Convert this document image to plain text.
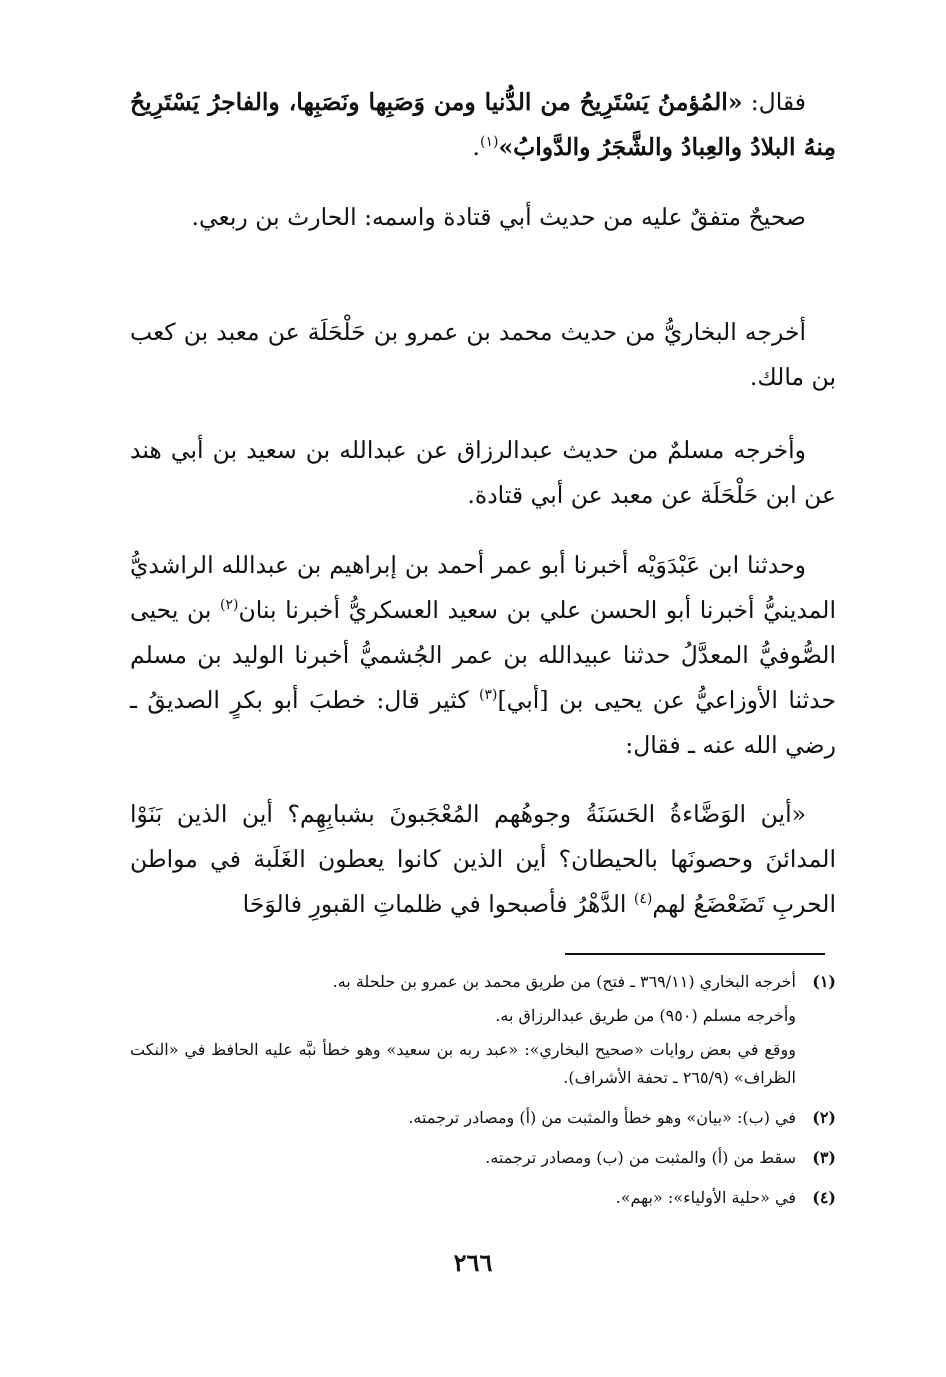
فقال: «المُؤمنُ يَسْتَرِيحُ من الدُّنيا ومن وَصَبِها ونَصَبِها، والفاجرُ يَسْتَرِيحُ مِنهُ البلادُ والعِبادُ والشَّجَرُ والدَّوابُ»$^{(١)}$.

صحيحٌ متفقٌ عليه من حديث أبي قتادة واسمه: الحارث بن ربعي.

أخرجه البخاريُّ من حديث محمد بن عمرو بن حَلْحَلَة عن معبد بن كعب بن مالك.

وأخرجه مسلمٌ من حديث عبدالرزاق عن عبدالله بن سعيد بن أبي هند عن ابن حَلْحَلَة عن معبد عن أبي قتادة.

وحدثنا ابن عَبْدَوَيْه أخبرنا أبو عمر أحمد بن إبراهيم بن عبدالله الراشديُّ المدينيُّ أخبرنا أبو الحسن علي بن سعيد العسكريُّ أخبرنا بنان$^{(٢)}$ بن يحيى الصُّوفيُّ المعدَّلُ حدثنا عبيدالله بن عمر الجُشميُّ أخبرنا الوليد بن مسلم حدثنا الأوزاعيُّ عن يحيى بن [أبي]$^{(٣)}$ كثير قال: خطبَ أبو بكرٍ الصديقُ ـ رضي الله عنه ـ فقال:

«أين الوَضَّاءةُ الحَسَنَةُ وجوهُهم المُعْجَبونَ بشبابِهِم؟ أين الذين بَنَوْا المدائنَ وحصونَها بالحيطان؟ أين الذين كانوا يعطون الغَلَبة في مواطن الحربِ تَضَعْضَعُ لهم$^{(٤)}$ الدَّهْرُ فأصبحوا في ظلماتِ القبورِ فالوَحَا

(١)

أخرجه البخاري (٣٦٩/١١ ـ فتح) من طريق محمد بن عمرو بن حلحلة به.

وأخرجه مسلم (٩٥٠) من طريق عبدالرزاق به.

ووقع في بعض روايات «صحيح البخاري»: «عبد ربه بن سعيد» وهو خطأ نبَّه عليه الحافظ في «النكت الظراف» (٢٦٥/٩ ـ تحفة الأشراف).

(٢)

في (ب): «بيان» وهو خطأ والمثبت من (أ) ومصادر ترجمته.

(٣)

سقط من (أ) والمثبت من (ب) ومصادر ترجمته.

(٤)

في «حلية الأولياء»: «بهم».

٢٦٦
